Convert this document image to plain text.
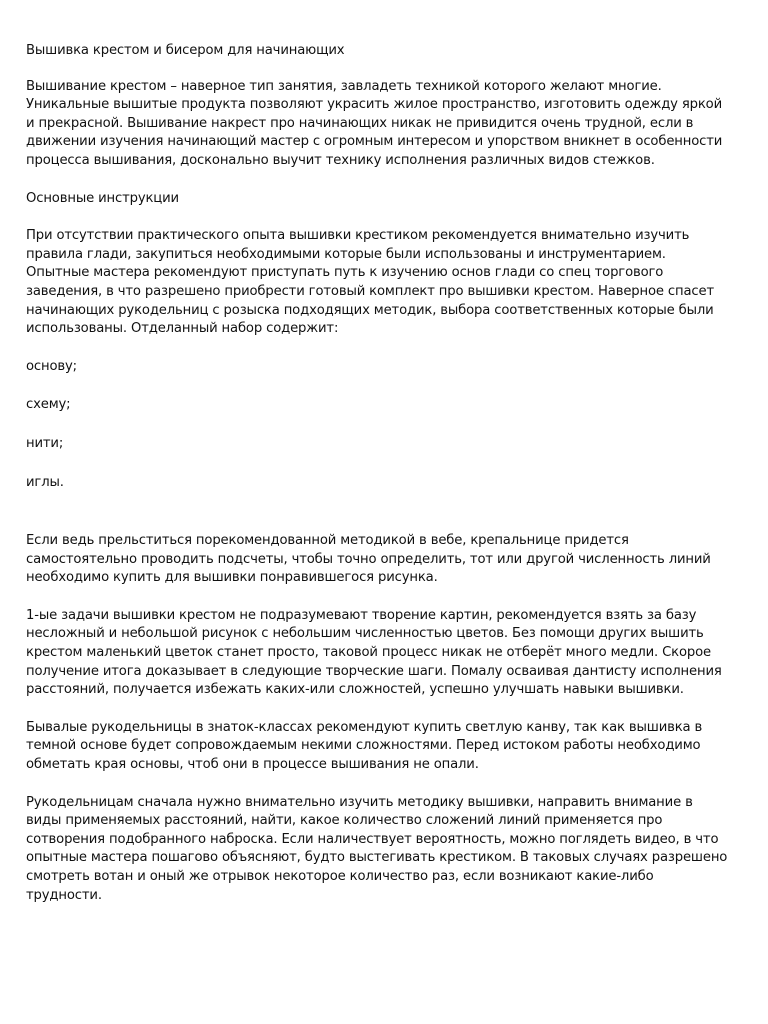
Вышивка крестом и бисером для начинающих

Вышивание крестом – наверное тип занятия, завладеть техникой которого желают многие. Уникальные вышитые продукта позволяют украсить жилое пространство, изготовить одежду яркой и прекрасной. Вышивание накрест про начинающих никак не привидится очень трудной, если в движении изучения начинающий мастер с огромным интересом и упорством вникнет в особенности процесса вышивания, досконально выучит технику исполнения различных видов стежков.

Основные инструкции

При отсутствии практического опыта вышивки крестиком рекомендуется внимательно изучить правила глади, закупиться необходимыми которые были использованы и инструментарием. Опытные мастера рекомендуют приступать путь к изучению основ глади со спец торгового заведения, в что разрешено приобрести готовый комплект про вышивки крестом. Наверное спасет начинающих рукодельниц с розыска подходящих методик, выбора соответственных которые были использованы. Отделанный набор содержит:

основу;

схему;

нити;

иглы.

Если ведь прельститься порекомендованной методикой в вебе, крепальнице придется самостоятельно проводить подсчеты, чтобы точно определить, тот или другой численность линий необходимо купить для вышивки понравившегося рисунка.

1-ые задачи вышивки крестом не подразумевают творение картин, рекомендуется взять за базу несложный и небольшой рисунок с небольшим численностью цветов. Без помощи других вышить крестом маленький цветок станет просто, таковой процесс никак не отберёт много медли. Скорое получение итога доказывает в следующие творческие шаги. Помалу осваивая дантисту исполнения расстояний, получается избежать каких-или сложностей, успешно улучшать навыки вышивки.

Бывалые рукодельницы в знаток-классах рекомендуют купить светлую канву, так как вышивка в темной основе будет сопровождаемым некими сложностями. Перед истоком работы необходимо обметать края основы, чтоб они в процессе вышивания не опали.

Рукодельницам сначала нужно внимательно изучить методику вышивки, направить внимание в виды применяемых расстояний, найти, какое количество сложений линий применяется про сотворения подобранного наброска. Если наличествует вероятность, можно поглядеть видео, в что опытные мастера пошагово объясняют, будто выстегивать крестиком. В таковых случаях разрешено смотреть вотан и оный же отрывок некоторое количество раз, если возникают какие-либо трудности.
